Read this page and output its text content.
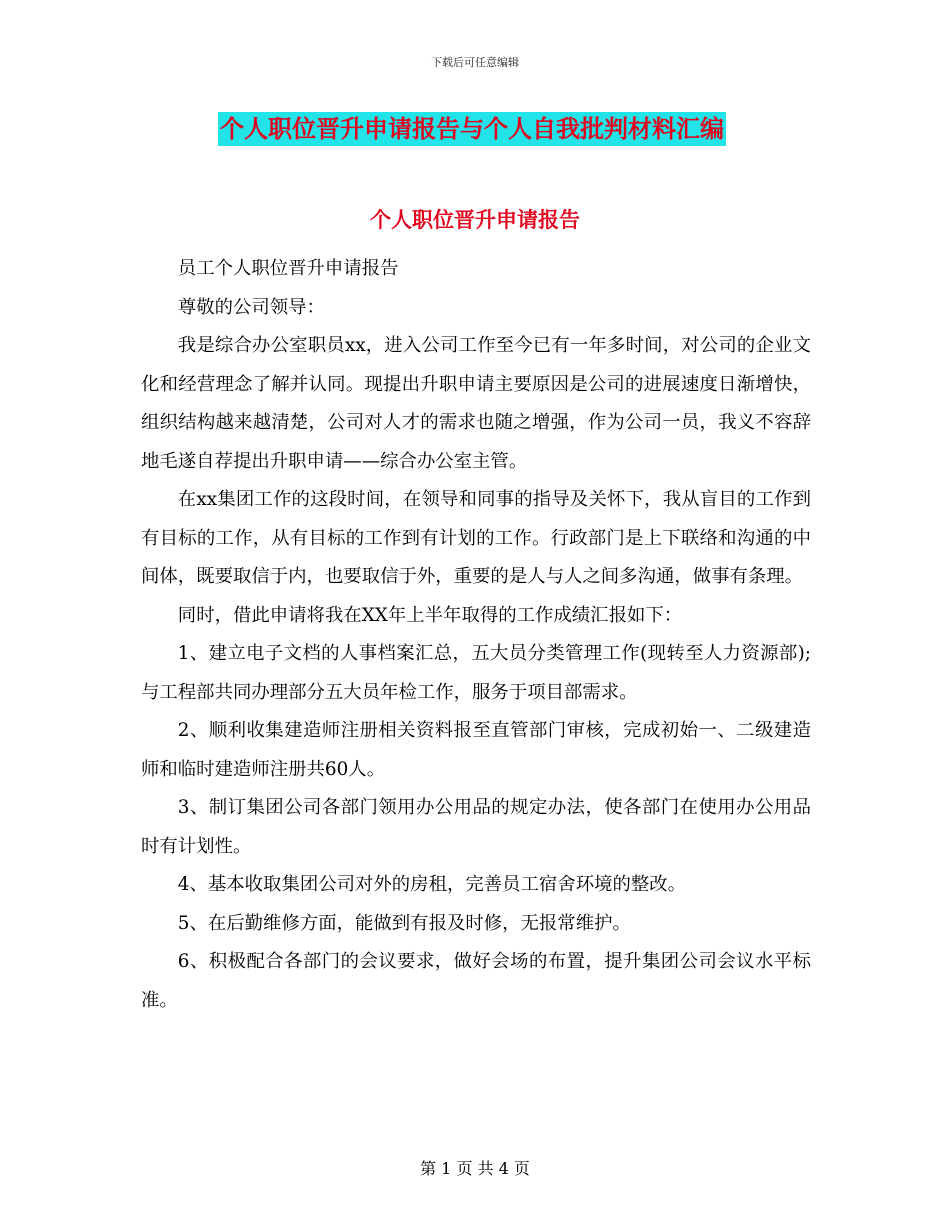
下载后可任意编辑
个人职位晋升申请报告与个人自我批判材料汇编
个人职位晋升申请报告

员工个人职位晋升申请报告

尊敬的公司领导：

我是综合办公室职员xx，进入公司工作至今已有一年多时间，对公司的企业文化和经营理念了解并认同。现提出升职申请主要原因是公司的进展速度日渐增快，组织结构越来越清楚，公司对人才的需求也随之增强，作为公司一员，我义不容辞地毛遂自荐提出升职申请——综合办公室主管。

在xx集团工作的这段时间，在领导和同事的指导及关怀下，我从盲目的工作到有目标的工作，从有目标的工作到有计划的工作。行政部门是上下联络和沟通的中间体，既要取信于内，也要取信于外，重要的是人与人之间多沟通，做事有条理。

同时，借此申请将我在XX年上半年取得的工作成绩汇报如下：

1、建立电子文档的人事档案汇总，五大员分类管理工作(现转至人力资源部);与工程部共同办理部分五大员年检工作，服务于项目部需求。

2、顺利收集建造师注册相关资料报至直管部门审核，完成初始一、二级建造师和临时建造师注册共60人。

3、制订集团公司各部门领用办公用品的规定办法，使各部门在使用办公用品时有计划性。

4、基本收取集团公司对外的房租，完善员工宿舍环境的整改。

5、在后勤维修方面，能做到有报及时修，无报常维护。

6、积极配合各部门的会议要求，做好会场的布置，提升集团公司会议水平标准。

第 1 页 共 4 页
